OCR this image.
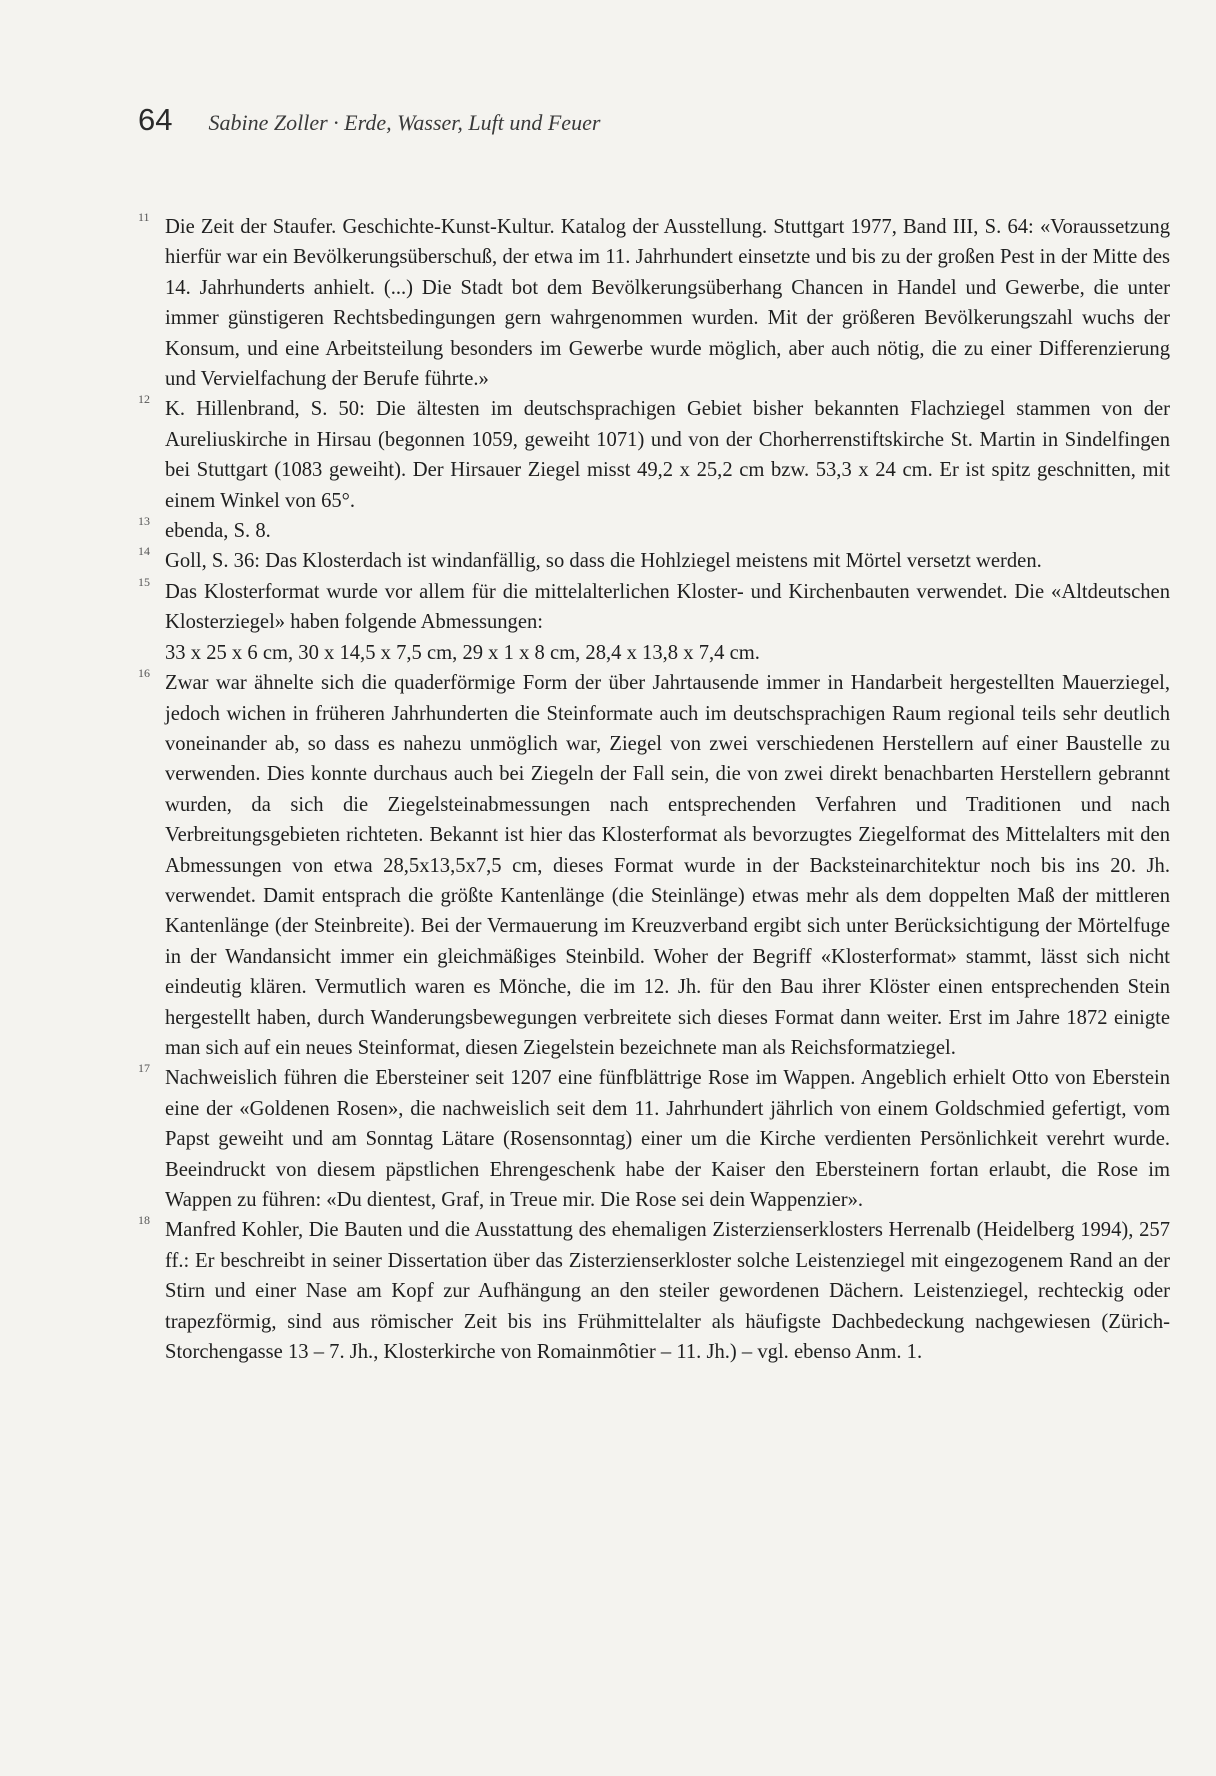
64 Sabine Zoller · Erde, Wasser, Luft und Feuer
11 Die Zeit der Staufer. Geschichte-Kunst-Kultur. Katalog der Ausstellung. Stuttgart 1977, Band III, S. 64: «Voraussetzung hierfür war ein Bevölkerungsüberschuß, der etwa im 11. Jahrhundert einsetzte und bis zu der großen Pest in der Mitte des 14. Jahrhunderts anhielt. (...) Die Stadt bot dem Bevölkerungsüberhang Chancen in Handel und Gewerbe, die unter immer günstigeren Rechtsbedingungen gern wahrgenommen wurden. Mit der größeren Bevölkerungszahl wuchs der Konsum, und eine Arbeitsteilung besonders im Gewerbe wurde möglich, aber auch nötig, die zu einer Differenzierung und Vervielfachung der Berufe führte.»
12 K. Hillenbrand, S. 50: Die ältesten im deutschsprachigen Gebiet bisher bekannten Flachziegel stammen von der Aureliuskirche in Hirsau (begonnen 1059, geweiht 1071) und von der Chorherrenstiftskirche St. Martin in Sindelfingen bei Stuttgart (1083 geweiht). Der Hirsauer Ziegel misst 49,2 x 25,2 cm bzw. 53,3 x 24 cm. Er ist spitz geschnitten, mit einem Winkel von 65°.
13 ebenda, S. 8.
14 Goll, S. 36: Das Klosterdach ist windanfällig, so dass die Hohlziegel meistens mit Mörtel versetzt werden.
15 Das Klosterformat wurde vor allem für die mittelalterlichen Kloster- und Kirchenbauten verwendet. Die «Altdeutschen Klosterziegel» haben folgende Abmessungen:
33 x 25 x 6 cm, 30 x 14,5 x 7,5 cm, 29 x 1 x 8 cm, 28,4 x 13,8 x 7,4 cm.
16 Zwar war ähnelte sich die quaderförmige Form der über Jahrtausende immer in Handarbeit hergestellten Mauerziegel, jedoch wichen in früheren Jahrhunderten die Steinformate auch im deutschsprachigen Raum regional teils sehr deutlich voneinander ab, so dass es nahezu unmöglich war, Ziegel von zwei verschiedenen Herstellern auf einer Baustelle zu verwenden. Dies konnte durchaus auch bei Ziegeln der Fall sein, die von zwei direkt benachbarten Herstellern gebrannt wurden, da sich die Ziegelsteinabmessungen nach entsprechenden Verfahren und Traditionen und nach Verbreitungsgebieten richteten. Bekannt ist hier das Klosterformat als bevorzugtes Ziegelformat des Mittelalters mit den Abmessungen von etwa 28,5x13,5x7,5 cm, dieses Format wurde in der Backsteinarchitektur noch bis ins 20. Jh. verwendet. Damit entsprach die größte Kantenlänge (die Steinlänge) etwas mehr als dem doppelten Maß der mittleren Kantenlänge (der Steinbreite). Bei der Vermauerung im Kreuzverband ergibt sich unter Berücksichtigung der Mörtelfuge in der Wandansicht immer ein gleichmäßiges Steinbild. Woher der Begriff «Klosterformat» stammt, lässt sich nicht eindeutig klären. Vermutlich waren es Mönche, die im 12. Jh. für den Bau ihrer Klöster einen entsprechenden Stein hergestellt haben, durch Wanderungsbewegungen verbreitete sich dieses Format dann weiter. Erst im Jahre 1872 einigte man sich auf ein neues Steinformat, diesen Ziegelstein bezeichnete man als Reichsformatziegel.
17 Nachweislich führen die Ebersteiner seit 1207 eine fünfblättrige Rose im Wappen. Angeblich erhielt Otto von Eberstein eine der «Goldenen Rosen», die nachweislich seit dem 11. Jahrhundert jährlich von einem Goldschmied gefertigt, vom Papst geweiht und am Sonntag Lätare (Rosensonntag) einer um die Kirche verdienten Persönlichkeit verehrt wurde. Beeindruckt von diesem päpstlichen Ehrengeschenk habe der Kaiser den Ebersteinern fortan erlaubt, die Rose im Wappen zu führen: «Du dientest, Graf, in Treue mir. Die Rose sei dein Wappenzier».
18 Manfred Kohler, Die Bauten und die Ausstattung des ehemaligen Zisterzienserklosters Herrenalb (Heidelberg 1994), 257 ff.: Er beschreibt in seiner Dissertation über das Zisterzienserkloster solche Leistenziegel mit eingezogenem Rand an der Stirn und einer Nase am Kopf zur Aufhängung an den steiler gewordenen Dächern. Leistenziegel, rechteckig oder trapezförmig, sind aus römischer Zeit bis ins Frühmittelalter als häufigste Dachbedeckung nachgewiesen (Zürich-Storchengasse 13 – 7. Jh., Klosterkirche von Romainmôtier – 11. Jh.) – vgl. ebenso Anm. 1.
